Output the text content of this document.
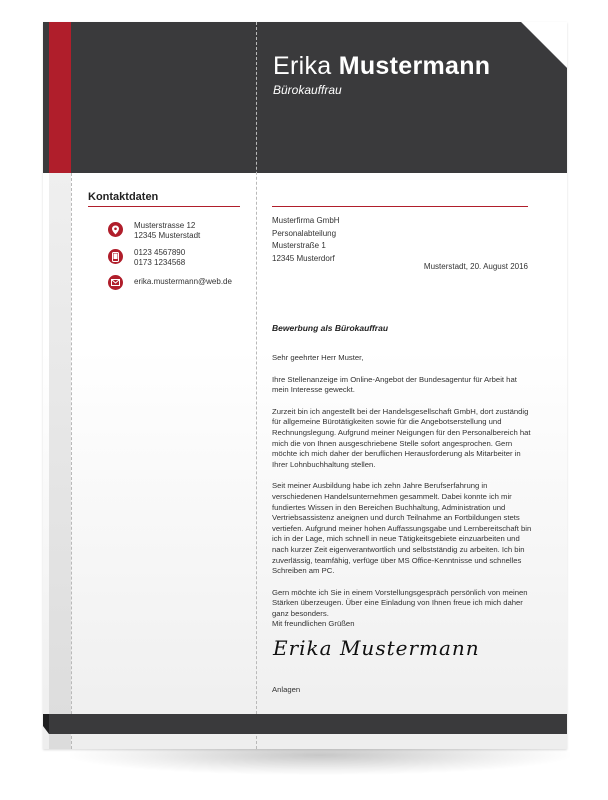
Erika Mustermann
Bürokauffrau
Kontaktdaten
Musterstrasse 12
12345 Musterstadt
0123 4567890
0173 1234568
erika.mustermann@web.de
Musterfirma GmbH
Personalabteilung
Musterstraße 1
12345 Musterdorf
Musterstadt, 20. August 2016
Bewerbung als Bürokauffrau

Sehr geehrter Herr Muster,

Ihre Stellenanzeige im Online-Angebot der Bundesagentur für Arbeit hat mein Interesse geweckt.

Zurzeit bin ich angestellt bei der Handelsgesellschaft GmbH, dort zuständig für allgemeine Bürotätigkeiten sowie für die Angebotserstellung und Rechnungslegung. Aufgrund meiner Neigungen für den Personalbereich hat mich die von Ihnen ausgeschriebene Stelle sofort angesprochen. Gern möchte ich mich daher der beruflichen Herausforderung als Mitarbeiter in Ihrer Lohnbuchhaltung stellen.

Seit meiner Ausbildung habe ich zehn Jahre Berufserfahrung in verschiedenen Handelsunternehmen gesammelt. Dabei konnte ich mir fundiertes Wissen in den Bereichen Buchhaltung, Administration und Vertriebsassistenz aneignen und durch Teilnahme an Fortbildungen stets vertiefen. Aufgrund meiner hohen Auffassungsgabe und Lernbereitschaft bin ich in der Lage, mich schnell in neue Tätigkeitsgebiete einzuarbeiten und nach kurzer Zeit eigenverantwortlich und selbstständig zu arbeiten. Ich bin zuverlässig, teamfähig, verfüge über MS Office-Kenntnisse und schnelles Schreiben am PC.

Gern möchte ich Sie in einem Vorstellungsgespräch persönlich von meinen Stärken überzeugen. Über eine Einladung von Ihnen freue ich mich daher ganz besonders.

Mit freundlichen Grüßen
Erika Mustermann
Anlagen
